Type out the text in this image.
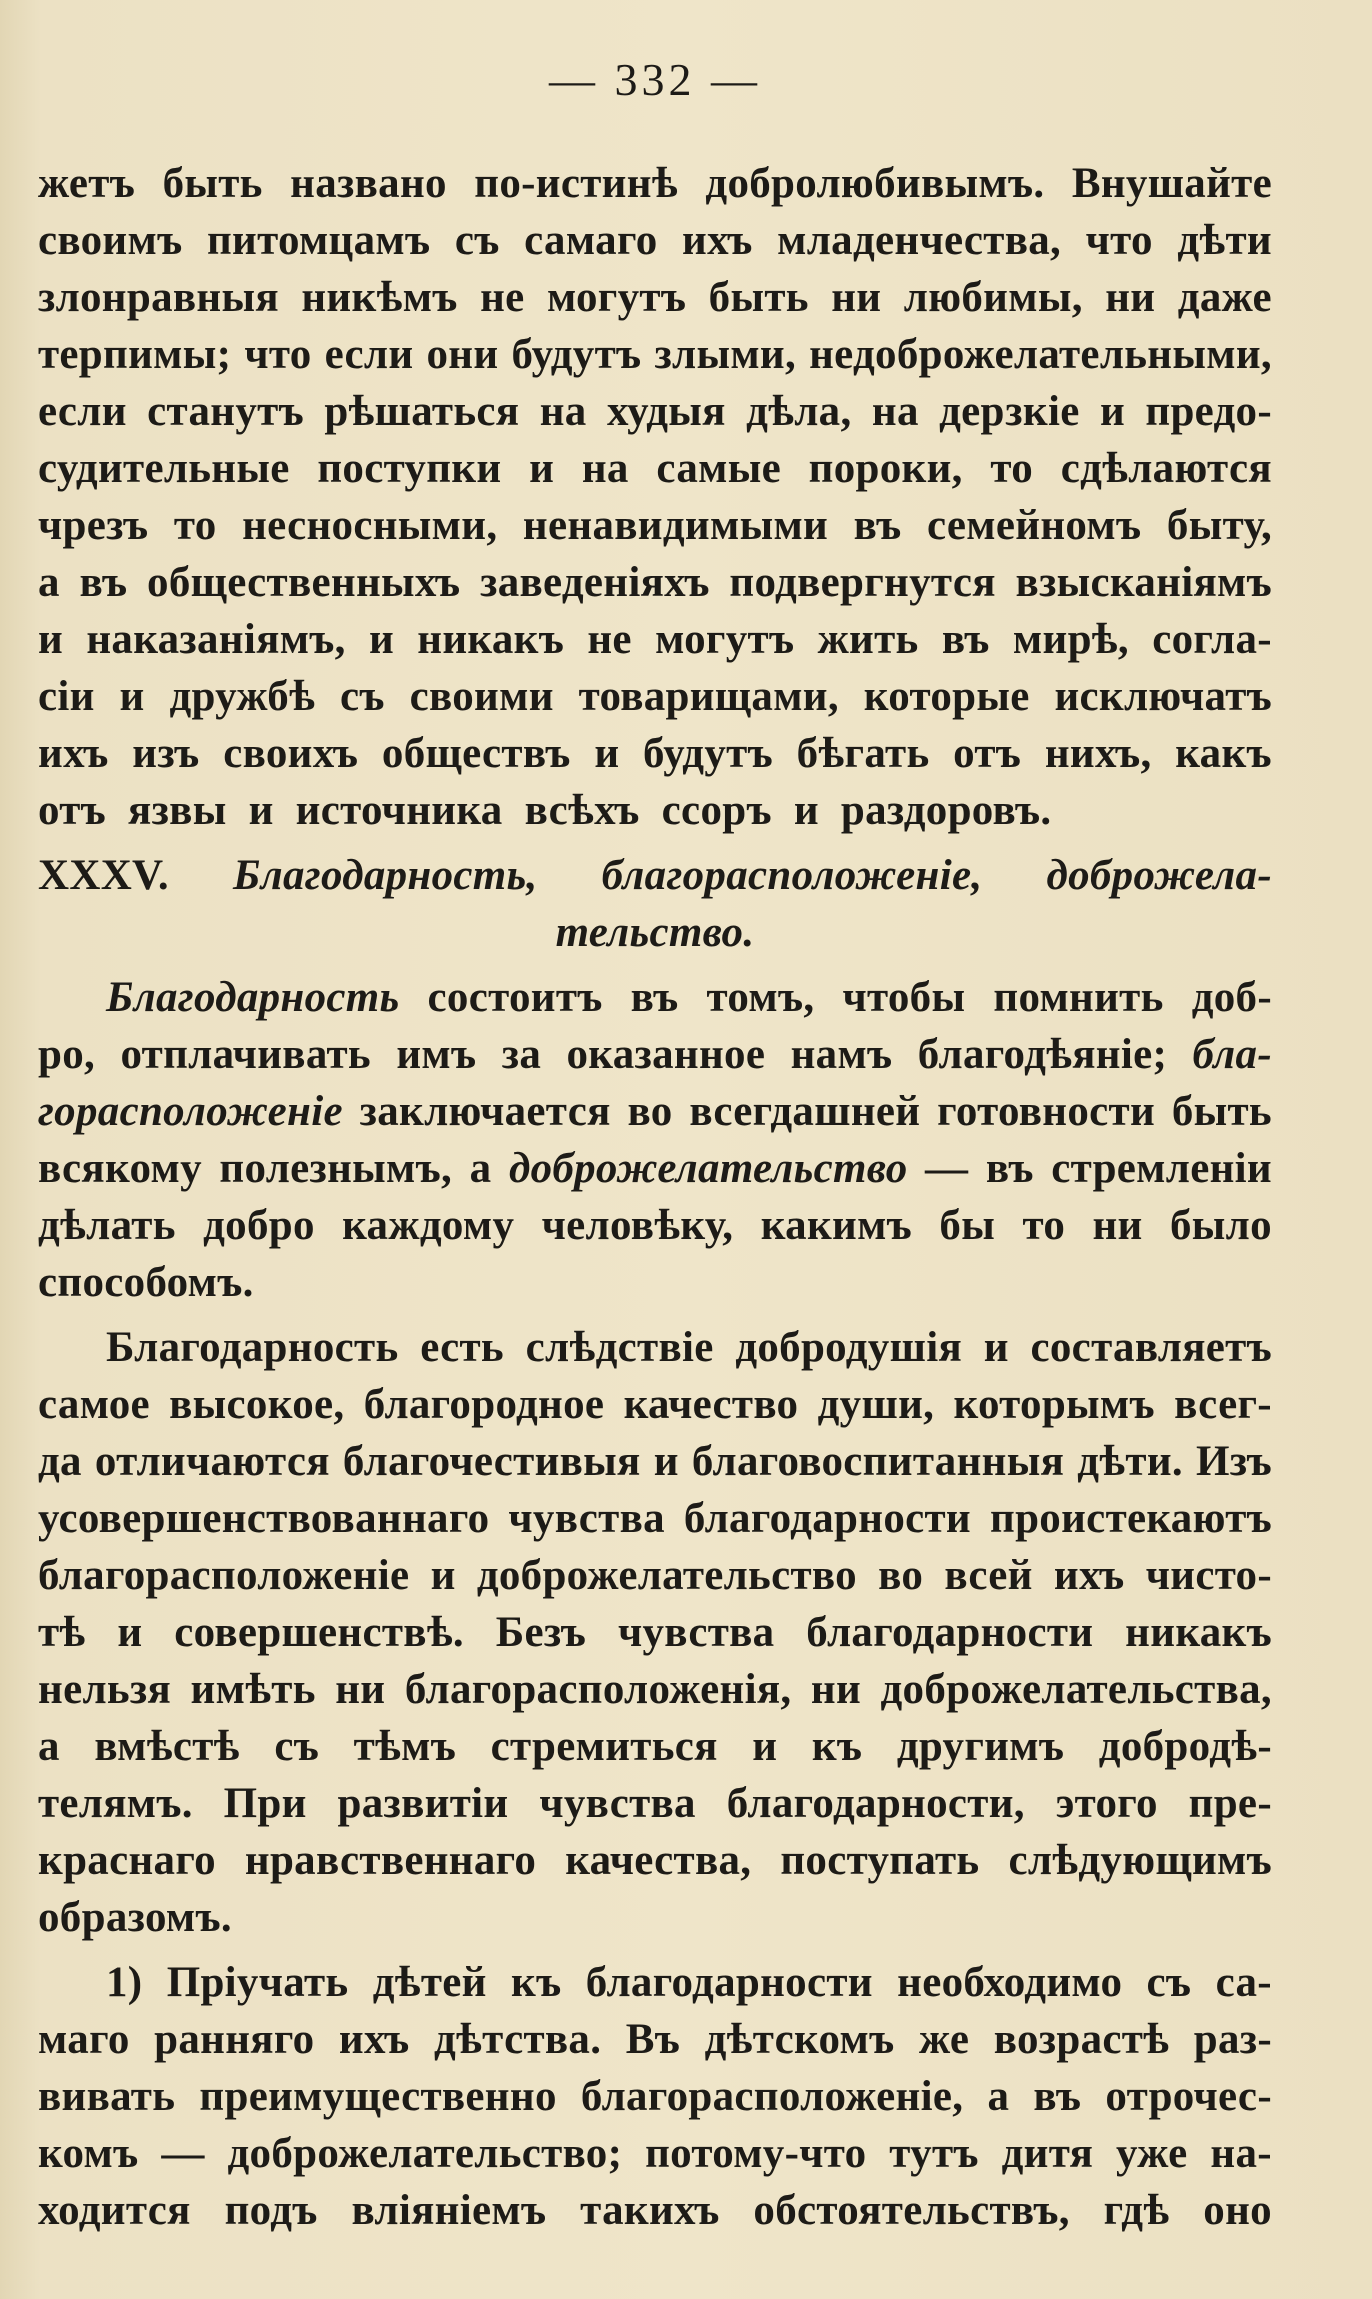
— 332 —
жетъ быть названо по-истинѣ добролюбивымъ. Внушайте
своимъ питомцамъ съ самаго ихъ младенчества, что дѣти
злонравныя никѣмъ не могутъ быть ни любимы, ни даже
терпимы; что если они будутъ злыми, недоброжелательными,
если станутъ рѣшаться на худыя дѣла, на дерзкіе и предо-
судительные поступки и на самые пороки, то сдѣлаются
чрезъ то несносными, ненавидимыми въ семейномъ быту,
а въ общественныхъ заведеніяхъ подвергнутся взысканіямъ
и наказаніямъ, и никакъ не могутъ жить въ мирѣ, согла-
сіи и дружбѣ съ своими товарищами, которые исключатъ
ихъ изъ своихъ обществъ и будутъ бѣгать отъ нихъ, какъ
отъ язвы и источника всѣхъ ссоръ и раздоровъ.
XXXV. Благодарность, благорасположеніе, доброжела-
тельство.
Благодарность состоитъ въ томъ, чтобы помнить доб-
ро, отплачивать имъ за оказанное намъ благодѣяніе; бла-
горасположеніе заключается во всегдашней готовности быть
всякому полезнымъ, а доброжелательство — въ стремленіи
дѣлать добро каждому человѣку, какимъ бы то ни было
способомъ.
Благодарность есть слѣдствіе добродушія и составляетъ
самое высокое, благородное качество души, которымъ всег-
да отличаются благочестивыя и благовоспитанныя дѣти. Изъ
усовершенствованнаго чувства благодарности проистекаютъ
благорасположеніе и доброжелательство во всей ихъ чисто-
тѣ и совершенствѣ. Безъ чувства благодарности никакъ
нельзя имѣть ни благорасположенія, ни доброжелательства,
а вмѣстѣ съ тѣмъ стремиться и къ другимъ добродѣ-
телямъ. При развитіи чувства благодарности, этого пре-
краснаго нравственнаго качества, поступать слѣдующимъ
образомъ.
1) Пріучать дѣтей къ благодарности необходимо съ са-
маго ранняго ихъ дѣтства. Въ дѣтскомъ же возрастѣ раз-
вивать преимущественно благорасположеніе, а въ отрочес-
комъ — доброжелательство; потому-что тутъ дитя уже на-
ходится подъ вліяніемъ такихъ обстоятельствъ, гдѣ оно
